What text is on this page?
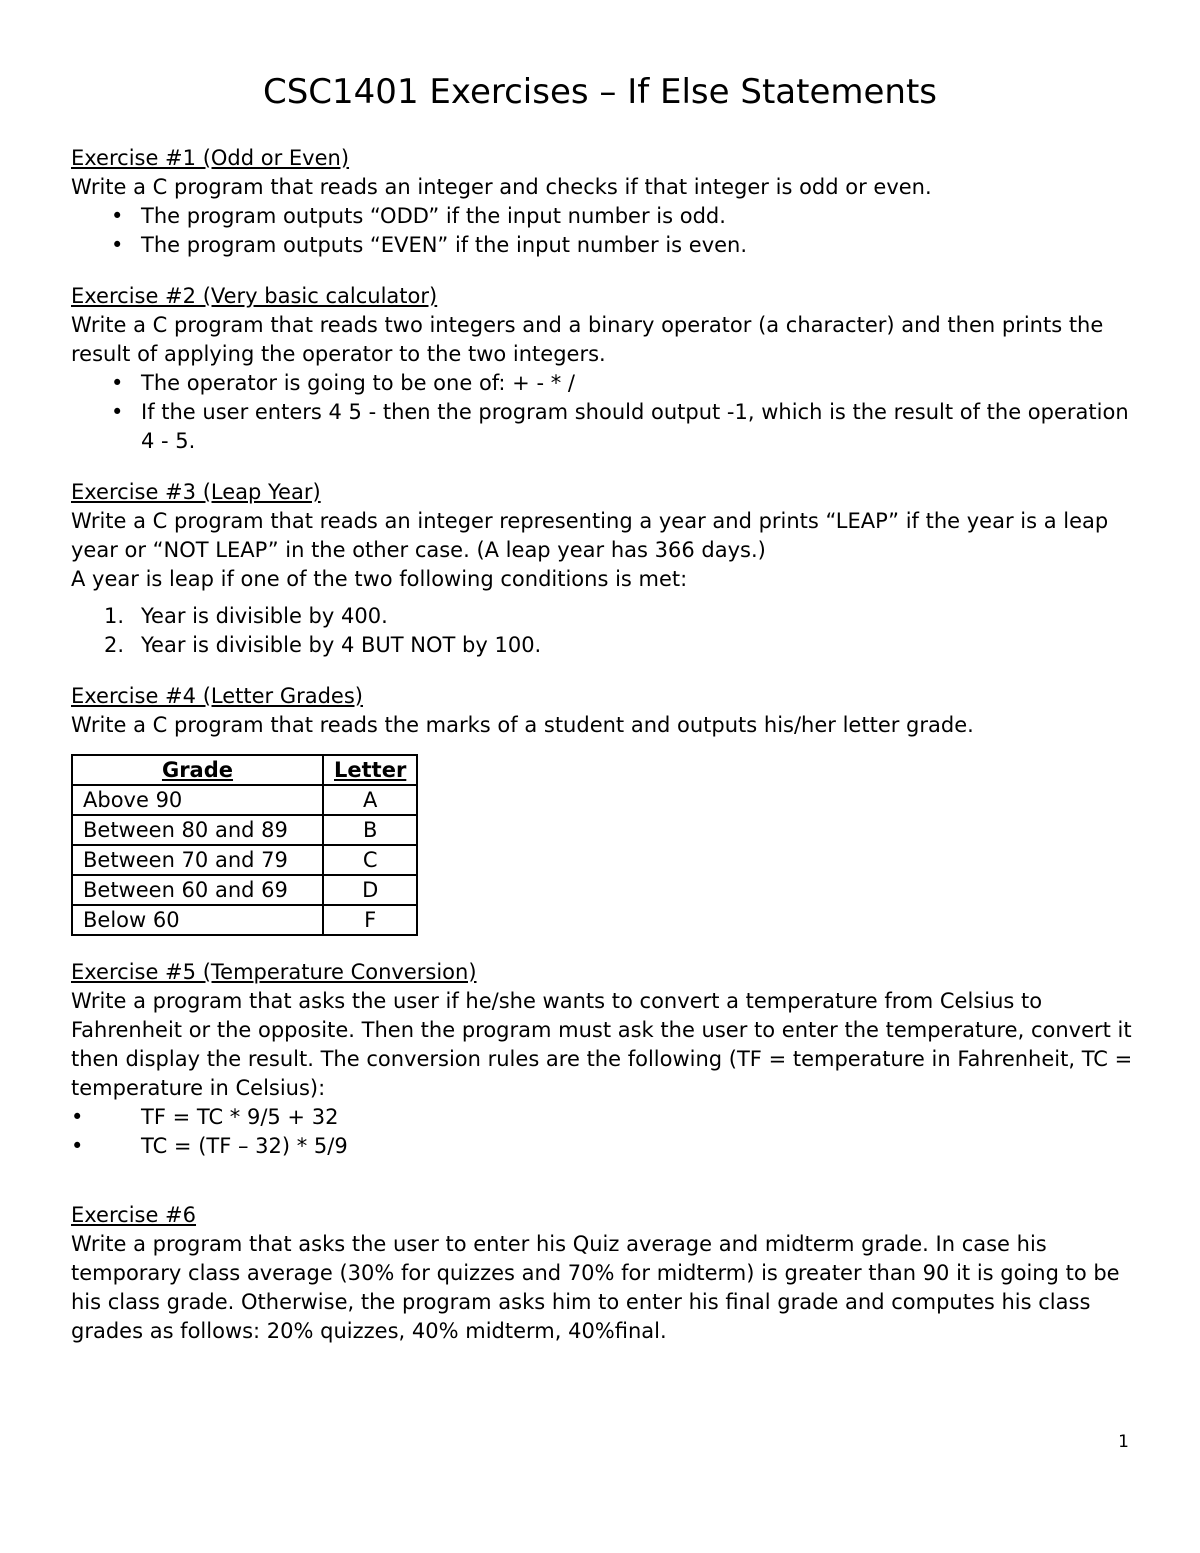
CSC1401 Exercises – If Else Statements

Exercise #1 (Odd or Even)

Write a C program that reads an integer and checks if that integer is odd or even.

• The program outputs “ODD” if the input number is odd.
• The program outputs “EVEN” if the input number is even.

Exercise #2 (Very basic calculator)

Write a C program that reads two integers and a binary operator (a character) and then prints the result of applying the operator to the two integers.

• The operator is going to be one of: + - * /
• If the user enters 4 5 - then the program should output -1, which is the result of the operation 4 - 5.

Exercise #3 (Leap Year)

Write a C program that reads an integer representing a year and prints “LEAP” if the year is a leap year or “NOT LEAP” in the other case. (A leap year has 366 days.)

A year is leap if one of the two following conditions is met:

1. Year is divisible by 400.
2. Year is divisible by 4 BUT NOT by 100.

Exercise #4 (Letter Grades)

Write a C program that reads the marks of a student and outputs his/her letter grade.

Grade	Letter
Above 90	A
Between 80 and 89	B
Between 70 and 79	C
Between 60 and 69	D
Below 60	F

Exercise #5 (Temperature Conversion)

Write a program that asks the user if he/she wants to convert a temperature from Celsius to Fahrenheit or the opposite. Then the program must ask the user to enter the temperature, convert it then display the result. The conversion rules are the following (TF = temperature in Fahrenheit, TC = temperature in Celsius):

•	TF = TC * 9/5 + 32
•	TC = (TF – 32) * 5/9

Exercise #6

Write a program that asks the user to enter his Quiz average and midterm grade. In case his temporary class average (30% for quizzes and 70% for midterm) is greater than 90 it is going to be his class grade. Otherwise, the program asks him to enter his final grade and computes his class grades as follows: 20% quizzes, 40% midterm, 40%final.

1
